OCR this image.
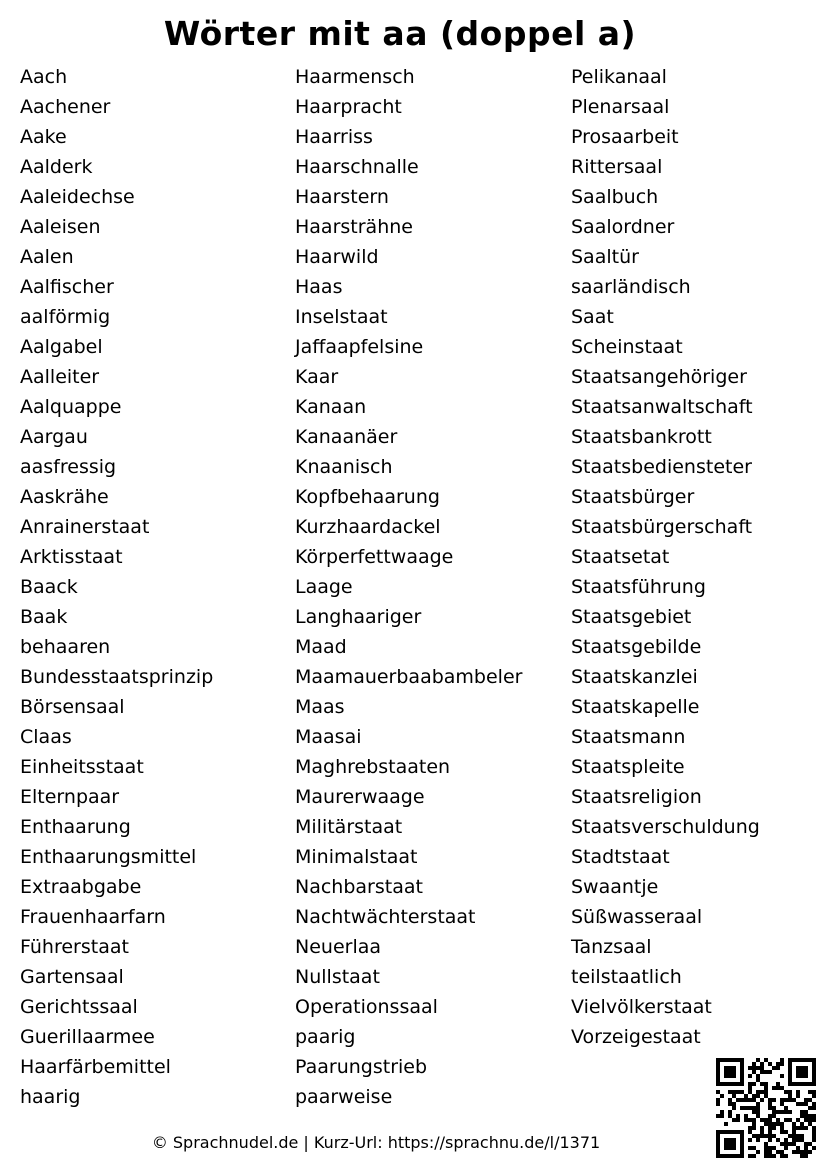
Wörter mit aa (doppel a)
Aach
Aachener
Aake
Aalderk
Aaleidechse
Aaleisen
Aalen
Aalfischer
aalförmig
Aalgabel
Aalleiter
Aalquappe
Aargau
aasfressig
Aaskrähe
Anrainerstaat
Arktisstaat
Baack
Baak
behaaren
Bundesstaatsprinzip
Börsensaal
Claas
Einheitsstaat
Elternpaar
Enthaarung
Enthaarungsmittel
Extraabgabe
Frauenhaarfarn
Führerstaat
Gartensaal
Gerichtssaal
Guerillaarmee
Haarfärbemittel
haarig
Haarmensch
Haarpracht
Haarriss
Haarschnalle
Haarstern
Haarsträhne
Haarwild
Haas
Inselstaat
Jaffaapfelsine
Kaar
Kanaan
Kanaanäer
Knaanisch
Kopfbehaarung
Kurzhaardackel
Körperfettwaage
Laage
Langhaariger
Maad
Maamauerbaabambeler
Maas
Maasai
Maghrebstaaten
Maurerwaage
Militärstaat
Minimalstaat
Nachbarstaat
Nachtwächterstaat
Neuerlaa
Nullstaat
Operationssaal
paarig
Paarungstrieb
paarweise
Pelikanaal
Plenarsaal
Prosaarbeit
Rittersaal
Saalbuch
Saalordner
Saaltür
saarländisch
Saat
Scheinstaat
Staatsangehöriger
Staatsanwaltschaft
Staatsbankrott
Staatsbediensteter
Staatsbürger
Staatsbürgerschaft
Staatsetat
Staatsführung
Staatsgebiet
Staatsgebilde
Staatskanzlei
Staatskapelle
Staatsmann
Staatspleite
Staatsreligion
Staatsverschuldung
Stadtstaat
Swaantje
Süßwasseraal
Tanzsaal
teilstaatlich
Vielvölkerstaat
Vorzeigestaat
© Sprachnudel.de | Kurz-Url: https://sprachnu.de/l/1371
